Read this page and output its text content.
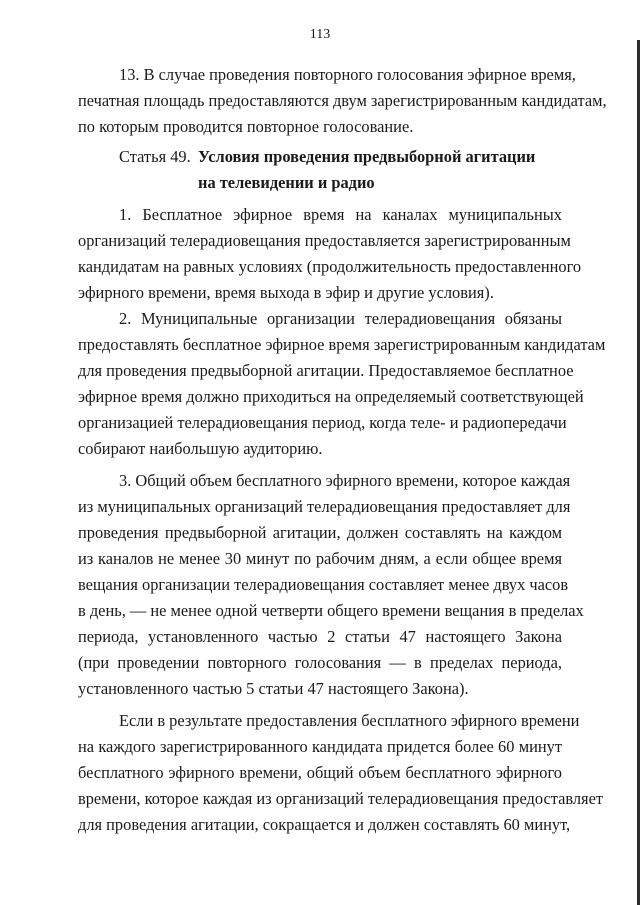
113
13. В случае проведения повторного голосования эфирное время,
печатная площадь предоставляются двум зарегистрированным кандидатам,
по которым проводится повторное голосование.
Статья 49. Условия проведения предвыборной агитации
на телевидении и радио
1. Бесплатное эфирное время на каналах муниципальных
организаций телерадиовещания предоставляется зарегистрированным
кандидатам на равных условиях (продолжительность предоставленного
эфирного времени, время выхода в эфир и другие условия).
2. Муниципальные организации телерадиовещания обязаны
предоставлять бесплатное эфирное время зарегистрированным кандидатам
для проведения предвыборной агитации. Предоставляемое бесплатное
эфирное время должно приходиться на определяемый соответствующей
организацией телерадиовещания период, когда теле- и радиопередачи
собирают наибольшую аудиторию.
3. Общий объем бесплатного эфирного времени, которое каждая
из муниципальных организаций телерадиовещания предоставляет для
проведения предвыборной агитации, должен составлять на каждом
из каналов не менее 30 минут по рабочим дням, а если общее время
вещания организации телерадиовещания составляет менее двух часов
в день, — не менее одной четверти общего времени вещания в пределах
периода, установленного частью 2 статьи 47 настоящего Закона
(при проведении повторного голосования — в пределах периода,
установленного частью 5 статьи 47 настоящего Закона).
Если в результате предоставления бесплатного эфирного времени
на каждого зарегистрированного кандидата придется более 60 минут
бесплатного эфирного времени, общий объем бесплатного эфирного
времени, которое каждая из организаций телерадиовещания предоставляет
для проведения агитации, сокращается и должен составлять 60 минут,
